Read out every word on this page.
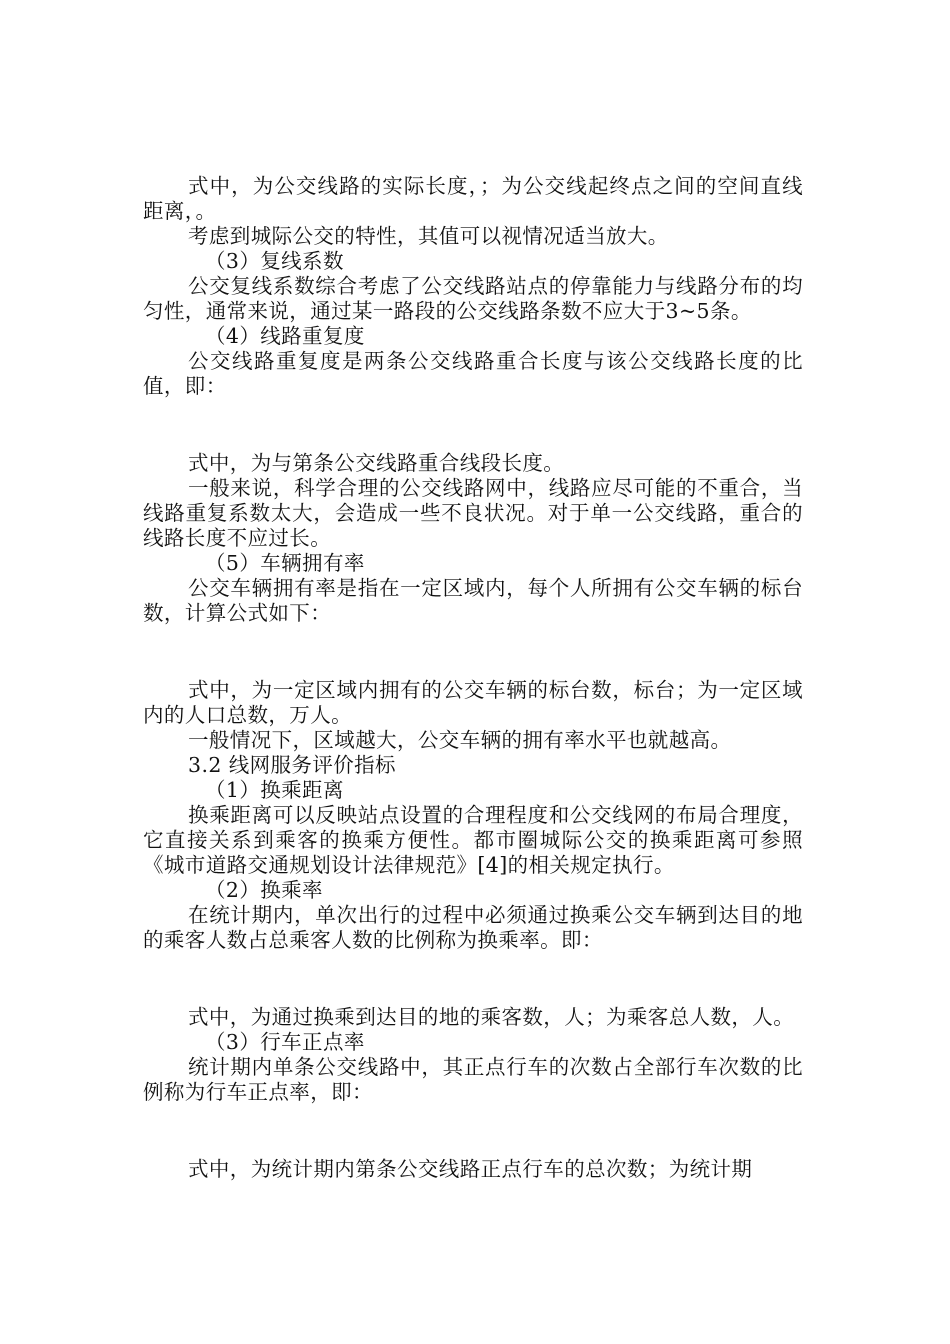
式中，为公交线路的实际长度，；为公交线起终点之间的空间直线距离，。

考虑到城际公交的特性，其值可以视情况适当放大。

（3）复线系数

公交复线系数综合考虑了公交线路站点的停靠能力与线路分布的均匀性，通常来说，通过某一路段的公交线路条数不应大于3~5条。

（4）线路重复度

公交线路重复度是两条公交线路重合长度与该公交线路长度的比值，即：

式中，为与第条公交线路重合线段长度。

一般来说，科学合理的公交线路网中，线路应尽可能的不重合，当线路重复系数太大，会造成一些不良状况。对于单一公交线路，重合的线路长度不应过长。

（5）车辆拥有率

公交车辆拥有率是指在一定区域内，每个人所拥有公交车辆的标台数，计算公式如下：

式中，为一定区域内拥有的公交车辆的标台数，标台；为一定区域内的人口总数，万人。

一般情况下，区域越大，公交车辆的拥有率水平也就越高。

3.2 线网服务评价指标

（1）换乘距离

换乘距离可以反映站点设置的合理程度和公交线网的布局合理度，它直接关系到乘客的换乘方便性。都市圈城际公交的换乘距离可参照《城市道路交通规划设计法律规范》[4]的相关规定执行。

（2）换乘率

在统计期内，单次出行的过程中必须通过换乘公交车辆到达目的地的乘客人数占总乘客人数的比例称为换乘率。即：

式中，为通过换乘到达目的地的乘客数，人；为乘客总人数，人。

（3）行车正点率

统计期内单条公交线路中，其正点行车的次数占全部行车次数的比例称为行车正点率，即：

式中，为统计期内第条公交线路正点行车的总次数；为统计期
